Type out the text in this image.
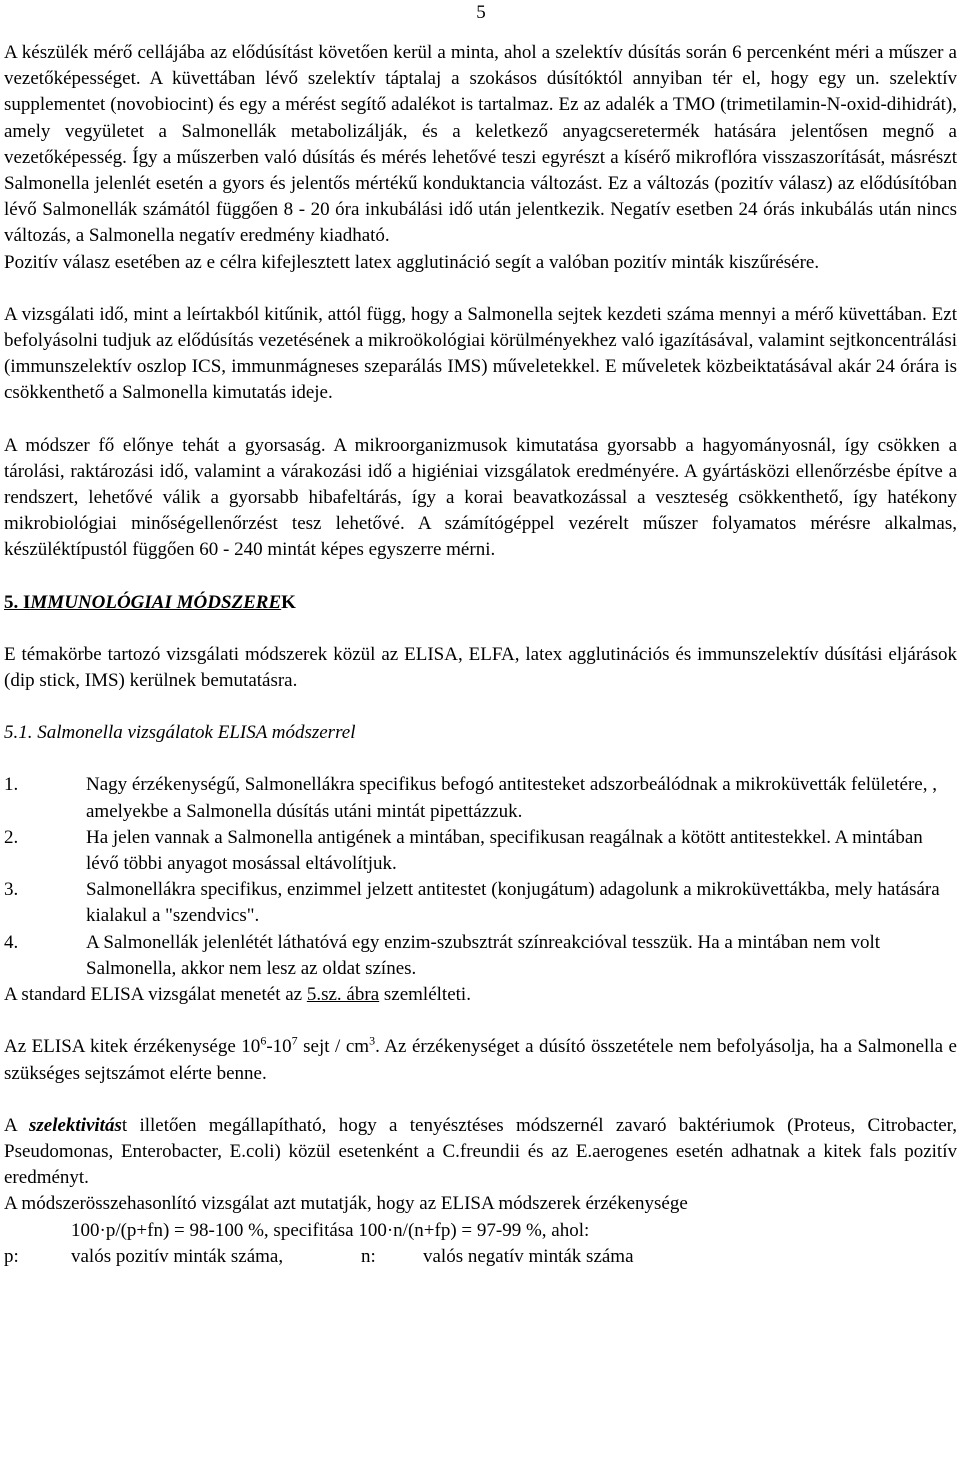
5

A készülék mérő cellájába az elődúsítást követően kerül a minta, ahol a szelektív dúsítás során 6 percenként méri a műszer a vezetőképességet. A küvettában lévő szelektív táptalaj a szokásos dúsítóktól annyiban tér el, hogy egy un. szelektív supplementet (novobiocint) és egy a mérést segítő adalékot is tartalmaz. Ez az adalék a TMO (trimetilamin-N-oxid-dihidrát), amely vegyületet a Salmonellák metabolizálják, és a keletkező anyagcseretermék hatására jelentősen megnő a vezetőképesség. Így a műszerben való dúsítás és mérés lehetővé teszi egyrészt a kísérő mikroflóra visszaszorítását, másrészt Salmonella jelenlét esetén a gyors és jelentős mértékű konduktancia változást. Ez a változás (pozitív válasz) az elődúsítóban lévő Salmonellák számától függően 8 - 20 óra inkubálási idő után jelentkezik. Negatív esetben 24 órás inkubálás után nincs változás, a Salmonella negatív eredmény kiadható.

Pozitív válasz esetében az e célra kifejlesztett latex agglutináció segít a valóban pozitív minták kiszűrésére.

A vizsgálati idő, mint a leírtakból kitűnik, attól függ, hogy a Salmonella sejtek kezdeti száma mennyi a mérő küvettában. Ezt befolyásolni tudjuk az elődúsítás vezetésének a mikroökológiai körülményekhez való igazításával, valamint sejtkoncentrálási (immunszelektív oszlop ICS, immunmágneses szeparálás IMS) műveletekkel. E műveletek közbeiktatásával akár 24 órára is csökkenthető a Salmonella kimutatás ideje.

A módszer fő előnye tehát a gyorsaság. A mikroorganizmusok kimutatása gyorsabb a hagyományosnál, így csökken a tárolási, raktározási idő, valamint a várakozási idő a higiéniai vizsgálatok eredményére. A gyártásközi ellenőrzésbe építve a rendszert, lehetővé válik a gyorsabb hibafeltárás, így a korai beavatkozással a veszteség csökkenthető, így hatékony mikrobiológiai minőségellenőrzést tesz lehetővé. A számítógéppel vezérelt műszer folyamatos mérésre alkalmas, készüléktípustól függően 60 - 240 mintát képes egyszerre mérni.

5. IMMUNOLÓGIAI MÓDSZEREK

E témakörbe tartozó vizsgálati módszerek közül az ELISA, ELFA, latex agglutinációs és immunszelektív dúsítási eljárások (dip stick, IMS) kerülnek bemutatásra.

5.1. Salmonella vizsgálatok ELISA módszerrel

1.	Nagy érzékenységű, Salmonellákra specifikus befogó antitesteket adszorbeálódnak a mikroküvetták felületére, , amelyekbe a Salmonella dúsítás utáni mintát pipettázzuk.
2.	Ha jelen vannak a Salmonella antigének a mintában, specifikusan reagálnak a kötött antitestekkel. A mintában lévő többi anyagot mosással eltávolítjuk.
3.	Salmonellákra specifikus, enzimmel jelzett antitestet (konjugátum) adagolunk a mikroküvettákba, mely hatására kialakul a "szendvics".
4.	A Salmonellák jelenlétét láthatóvá egy enzim-szubsztrát színreakcióval tesszük. Ha a mintában nem volt Salmonella, akkor nem lesz az oldat színes.

A standard ELISA vizsgálat menetét az 5.sz. ábra szemlélteti.

Az ELISA kitek érzékenysége $10^6-10^7$ sejt / $cm^3$. Az érzékenységet a dúsító összetétele nem befolyásolja, ha a Salmonella e szükséges sejtszámot elérte benne.

A szelektivitást illetően megállapítható, hogy a tenyésztéses módszernél zavaró baktériumok (Proteus, Citrobacter, Pseudomonas, Enterobacter, E.coli) közül esetenként a C.freundii és az E.aerogenes esetén adhatnak a kitek fals pozitív eredményt.

A módszerösszehasonlító vizsgálat azt mutatják, hogy az ELISA módszerek érzékenysége

100·p/(p+fn) = 98-100 %, specifitása 100·n/(n+fp) = 97-99 %, ahol:

p:	valós pozitív minták száma,	n: valós negatív minták száma
